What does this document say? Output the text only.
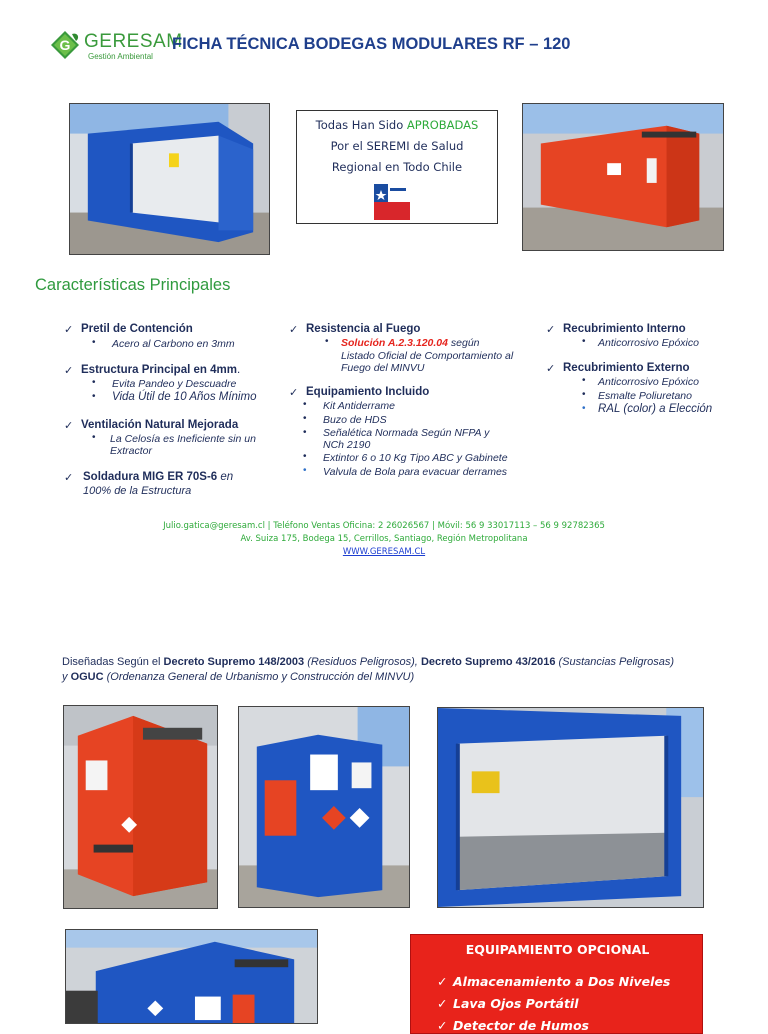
G GERESAM
Gestión Ambiental
FICHA TÉCNICA BODEGAS MODULARES RF – 120

Todas Han Sido APROBADAS

Por el SEREMI de Salud

Regional en Todo Chile

Características Principales
✓ Pretil de Contención
• Acero al Carbono en 3mm
✓ Estructura Principal en 4mm.
• Evita Pandeo y Descuadre
• Vida Útil de 10 Años Mínimo
✓ Ventilación Natural Mejorada
• La Celosía es Ineficiente sin un
Extractor
✓ Soldadura MIG ER 70S-6 en
100% de la Estructura
✓ Resistencia al Fuego
• Solución A.2.3.120.04 según
Listado Oficial de Comportamiento al
Fuego del MINVU
✓ Equipamiento Incluido
• Kit Antiderrame
• Buzo de HDS
• Señalética Normada Según NFPA y
NCh 2190
• Extintor 6 o 10 Kg Tipo ABC y Gabinete
• Valvula de Bola para evacuar derrames
✓ Recubrimiento Interno
• Anticorrosivo Epóxico
✓ Recubrimiento Externo
• Anticorrosivo Epóxico
• Esmalte Poliuretano
• RAL (color) a Elección
Julio.gatica@geresam.cl | Teléfono Ventas Oficina: 2 26026567 | Móvil: 56 9 33017113 – 56 9 92782365
Av. Suiza 175, Bodega 15, Cerrillos, Santiago, Región Metropolitana
WWW.GERESAM.CL
Diseñadas Según el Decreto Supremo 148/2003 (Residuos Peligrosos), Decreto Supremo 43/2016 (Sustancias Peligrosas)
y OGUC (Ordenanza General de Urbanismo y Construcción del MINVU)
EQUIPAMIENTO OPCIONAL
✓ Almacenamiento a Dos Niveles
✓ Lava Ojos Portátil
✓ Detector de Humos
